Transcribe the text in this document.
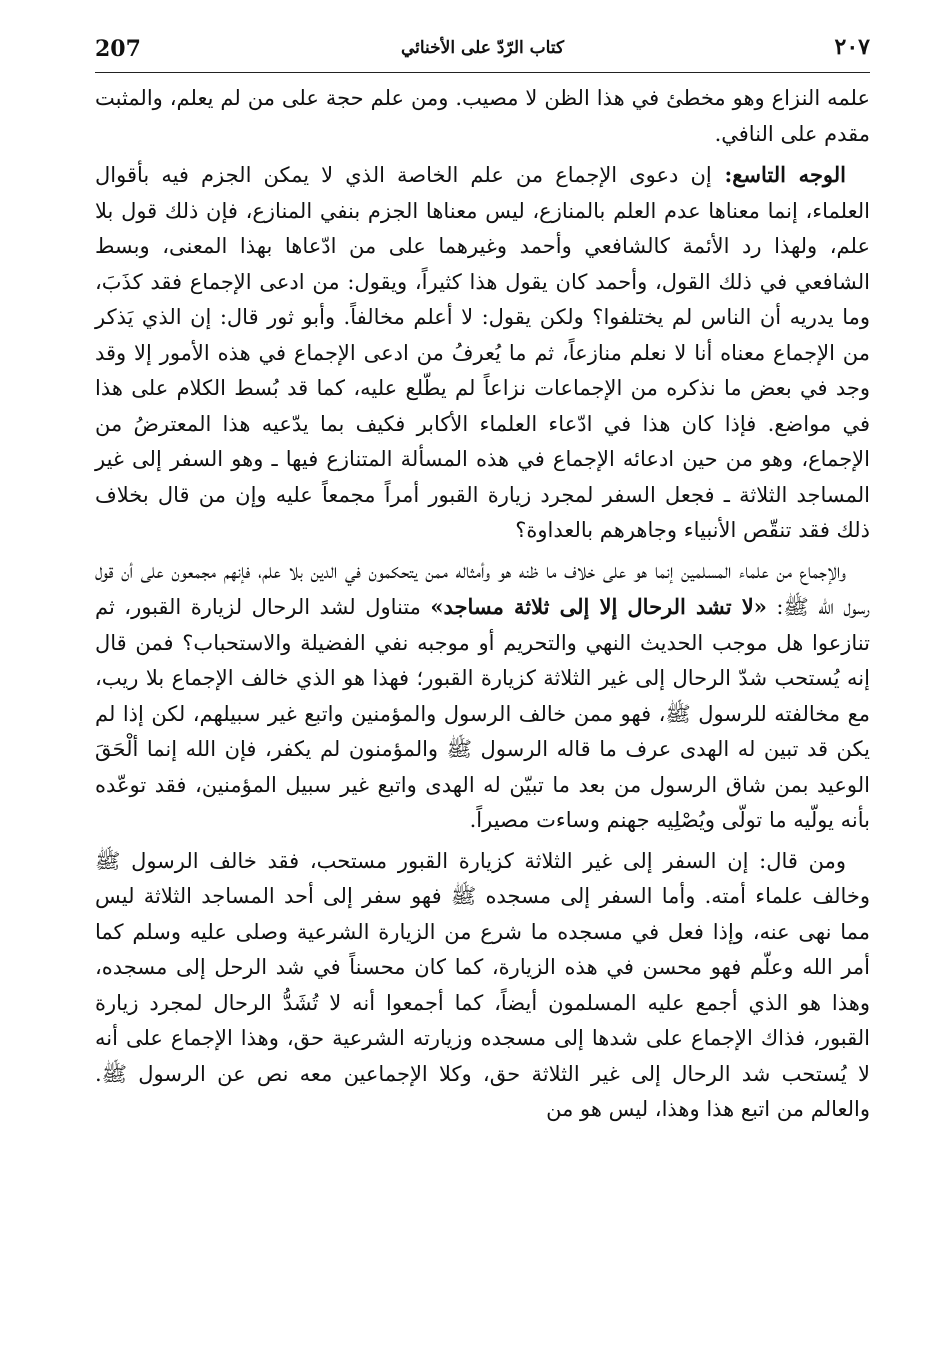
207	كتاب الرّدّ على الأخنائي	٢٠٧

علمه النزاع وهو مخطئ في هذا الظن لا مصيب. ومن علم حجة على من لم يعلم، والمثبت مقدم على النافي.

الوجه التاسع: إن دعوى الإجماع من علم الخاصة الذي لا يمكن الجزم فيه بأقوال العلماء، إنما معناها عدم العلم بالمنازع، ليس معناها الجزم بنفي المنازع، فإن ذلك قول بلا علم، ولهذا رد الأئمة كالشافعي وأحمد وغيرهما على من ادّعاها بهذا المعنى، وبسط الشافعي في ذلك القول، وأحمد كان يقول هذا كثيراً، ويقول: من ادعى الإجماع فقد كذَبَ، وما يدريه أن الناس لم يختلفوا؟ ولكن يقول: لا أعلم مخالفاً. وأبو ثور قال: إن الذي يَذكر من الإجماع معناه أنا لا نعلم منازعاً، ثم ما يُعرفُ من ادعى الإجماع في هذه الأمور إلا وقد وجد في بعض ما نذكره من الإجماعات نزاعاً لم يطّلع عليه، كما قد بُسط الكلام على هذا في مواضع. فإذا كان هذا في ادّعاء العلماء الأكابر فكيف بما يدّعيه هذا المعترضُ من الإجماع، وهو من حين ادعائه الإجماع في هذه المسألة المتنازع فيها ـ وهو السفر إلى غير المساجد الثلاثة ـ فجعل السفر لمجرد زيارة القبور أمراً مجمعاً عليه وإن من قال بخلاف ذلك فقد تنقّص الأنبياء وجاهرهم بالعداوة؟

والإجماع من علماء المسلمين إنما هو على خلاف ما ظنه هو وأمثاله ممن يتحكمون في الدين بلا علم، فإنهم مجمعون على أن قول رسول الله ﷺ: «لا تشد الرحال إلا إلى ثلاثة مساجد» متناول لشد الرحال لزيارة القبور، ثم تنازعوا هل موجب الحديث النهي والتحريم أو موجبه نفي الفضيلة والاستحباب؟ فمن قال إنه يُستحب شدّ الرحال إلى غير الثلاثة كزيارة القبور؛ فهذا هو الذي خالف الإجماع بلا ريب، مع مخالفته للرسول ﷺ، فهو ممن خالف الرسول والمؤمنين واتبع غير سبيلهم، لكن إذا لم يكن قد تبين له الهدى عرف ما قاله الرسول ﷺ والمؤمنون لم يكفر، فإن الله إنما ألْحَقَ الوعيد بمن شاق الرسول من بعد ما تبيّن له الهدى واتبع غير سبيل المؤمنين، فقد توعّده بأنه يولّيه ما تولّى ويُصْلِيه جهنم وساءت مصيراً.

ومن قال: إن السفر إلى غير الثلاثة كزيارة القبور مستحب، فقد خالف الرسول ﷺ وخالف علماء أمته. وأما السفر إلى مسجده ﷺ فهو سفر إلى أحد المساجد الثلاثة ليس مما نهى عنه، وإذا فعل في مسجده ما شرع من الزيارة الشرعية وصلى عليه وسلم كما أمر الله وعلّم فهو محسن في هذه الزيارة، كما كان محسناً في شد الرحل إلى مسجده، وهذا هو الذي أجمع عليه المسلمون أيضاً، كما أجمعوا أنه لا تُشَدُّ الرحال لمجرد زيارة القبور، فذاك الإجماع على شدها إلى مسجده وزيارته الشرعية حق، وهذا الإجماع على أنه لا يُستحب شد الرحال إلى غير الثلاثة حق، وكلا الإجماعين معه نص عن الرسول ﷺ. والعالم من اتبع هذا وهذا، ليس هو من
